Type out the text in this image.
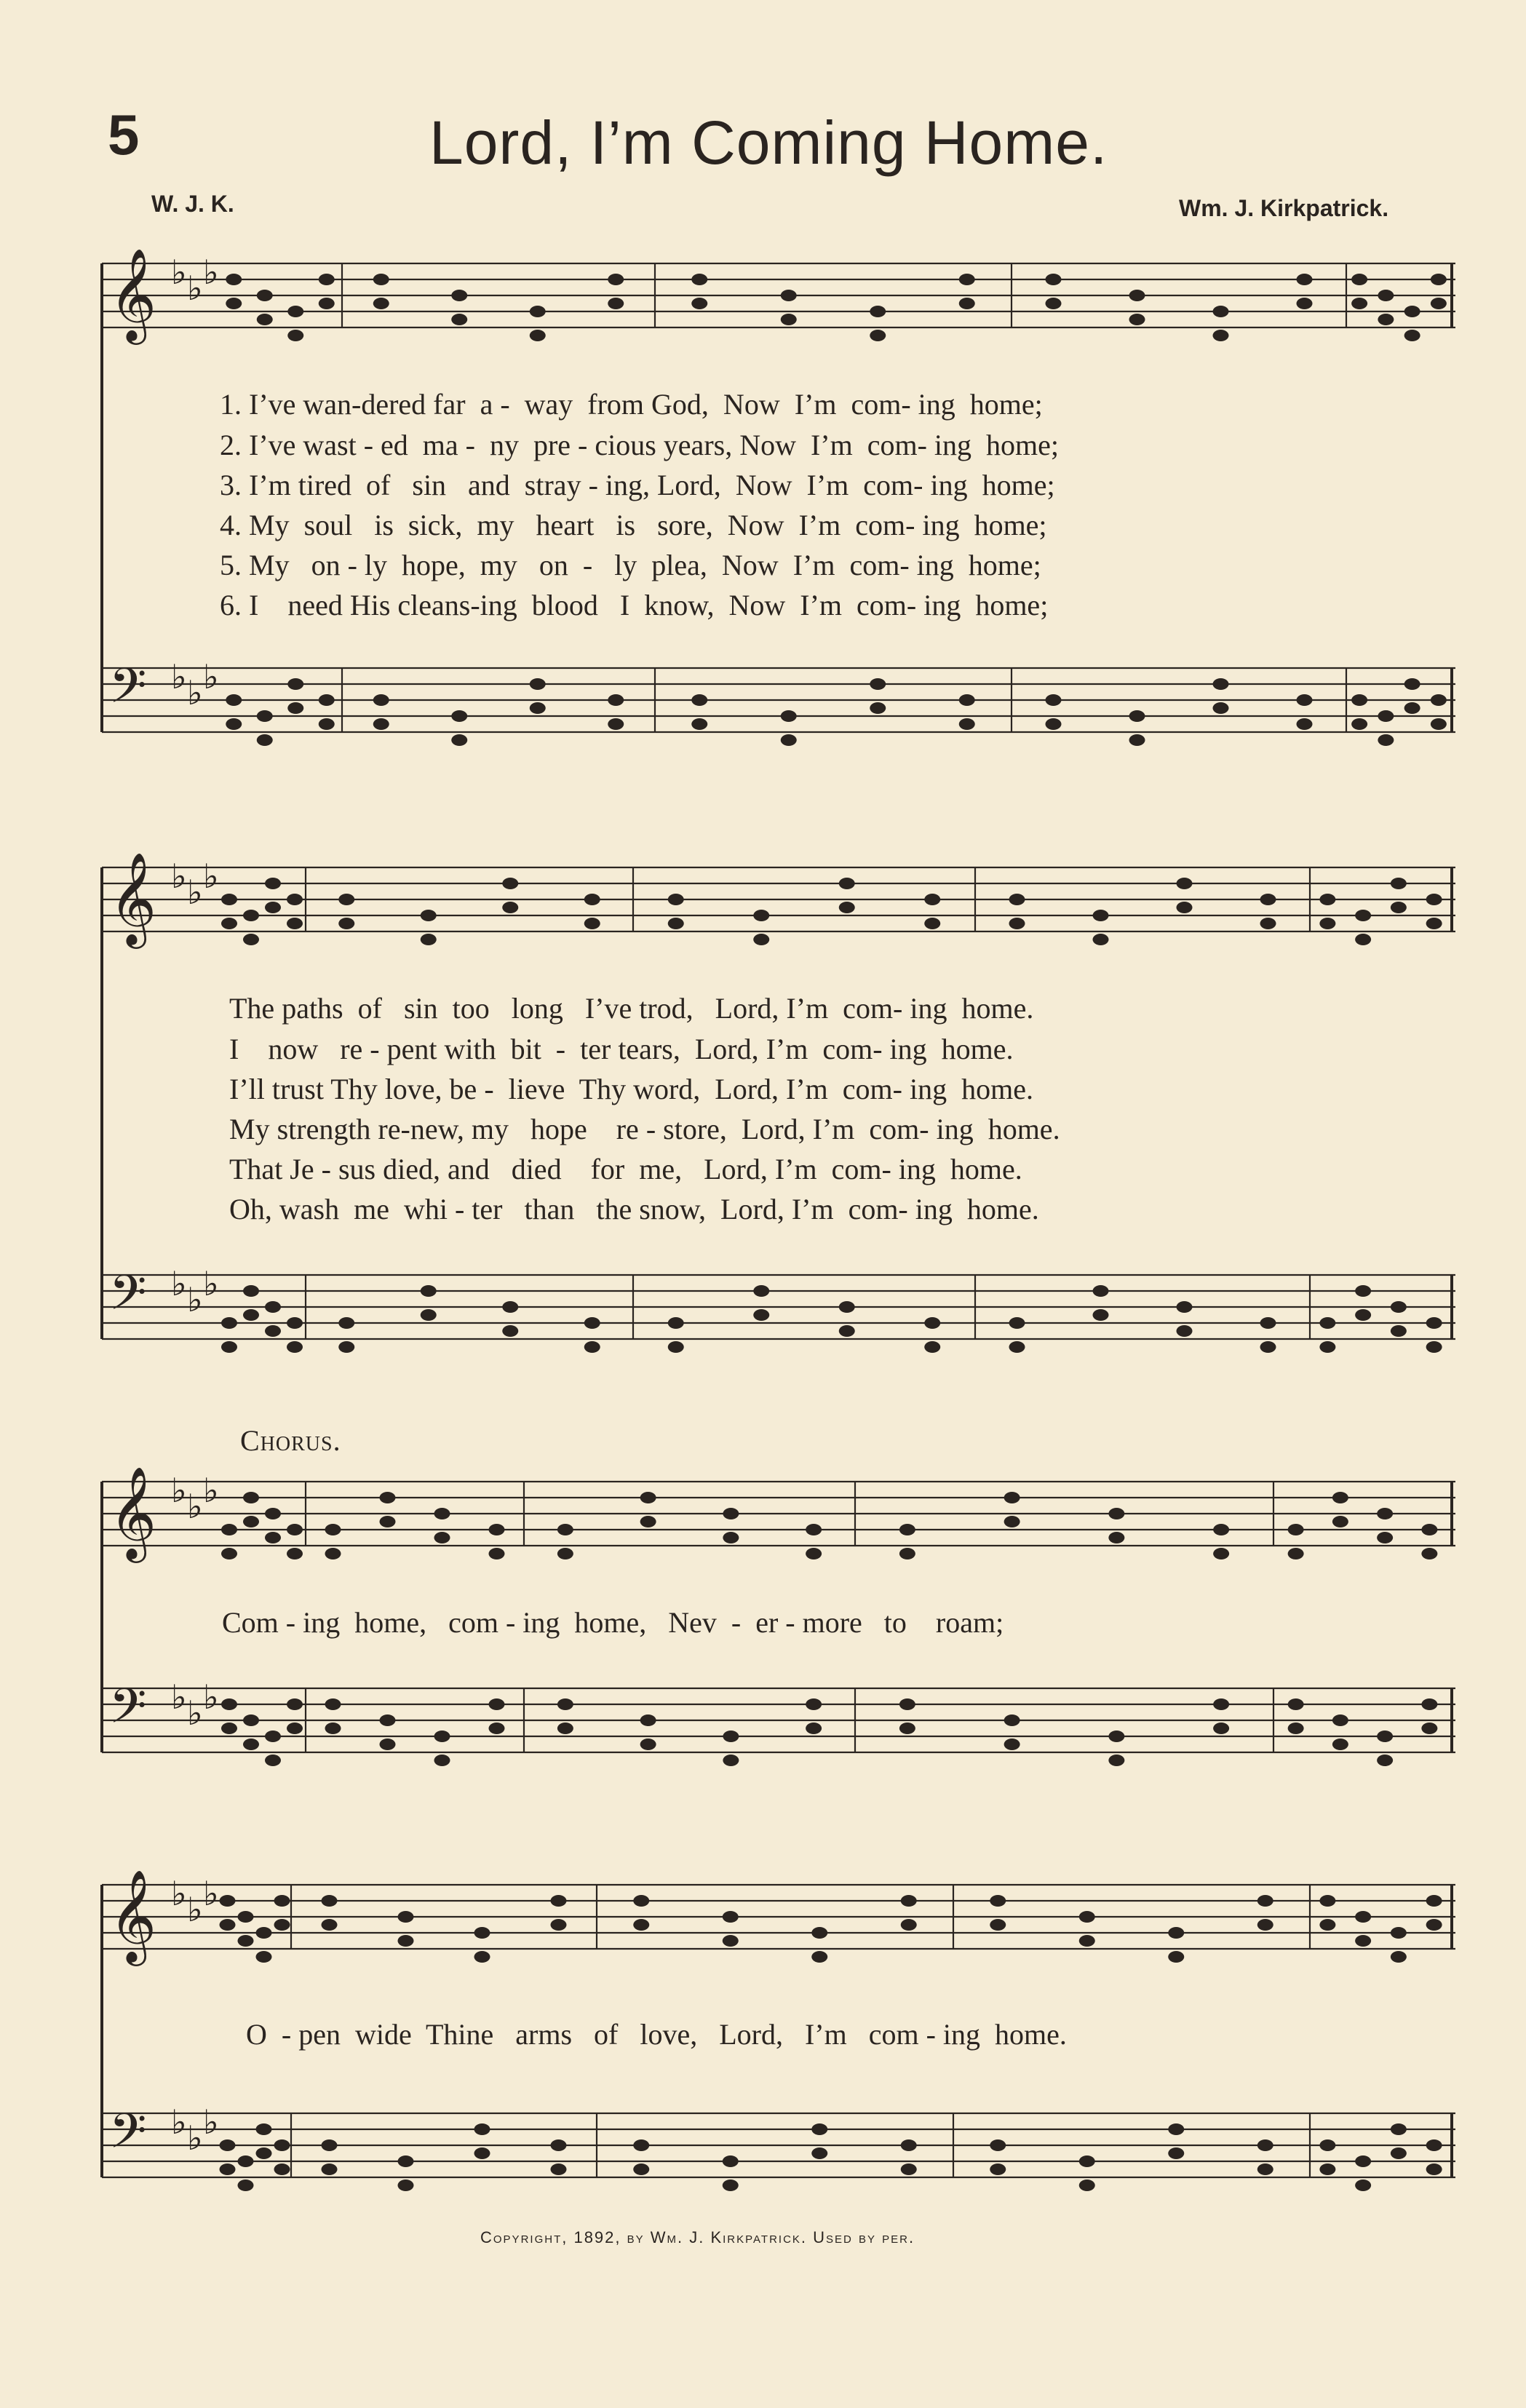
5	Lord, I’m Coming Home.
W. J. K.	Wm. J. Kirkpatrick.
1. I’ve wan-dered far  a -  way  from God,  Now  I’m  com- ing  home;
2. I’ve wast - ed  ma -  ny  pre - cious years, Now  I’m  com- ing  home;
3. I’m tired  of   sin   and  stray - ing, Lord,  Now  I’m  com- ing  home;
4. My  soul   is  sick,  my   heart   is   sore,  Now  I’m  com- ing  home;
5. My   on - ly  hope,  my   on  -   ly  plea,  Now  I’m  com- ing  home;
6. I    need His cleans-ing  blood   I  know,  Now  I’m  com- ing  home;
The paths  of   sin  too   long   I’ve trod,   Lord, I’m  com- ing  home.
I    now   re - pent with  bit  -  ter tears,  Lord, I’m  com- ing  home.
I’ll trust Thy love, be -  lieve  Thy word,  Lord, I’m  com- ing  home.
My strength re-new, my   hope    re - store,  Lord, I’m  com- ing  home.
That Je - sus died, and   died    for  me,   Lord, I’m  com- ing  home.
Oh, wash  me  whi - ter   than   the snow,  Lord, I’m  com- ing  home.
Chorus.
Com - ing  home,   com - ing  home,   Nev  -  er - more   to    roam;
O  - pen  wide  Thine   arms   of   love,   Lord,   I’m   com - ing  home.
Copyright, 1892, by Wm. J. Kirkpatrick. Used by per.
𝄞 ♭ ♭ ♭
𝄢 ♭ ♭ ♭
𝄞 ♭ ♭ ♭
𝄢 ♭ ♭ ♭
𝄞 ♭ ♭ ♭
𝄢 ♭ ♭ ♭
𝄞 ♭ ♭ ♭
𝄢 ♭ ♭ ♭
